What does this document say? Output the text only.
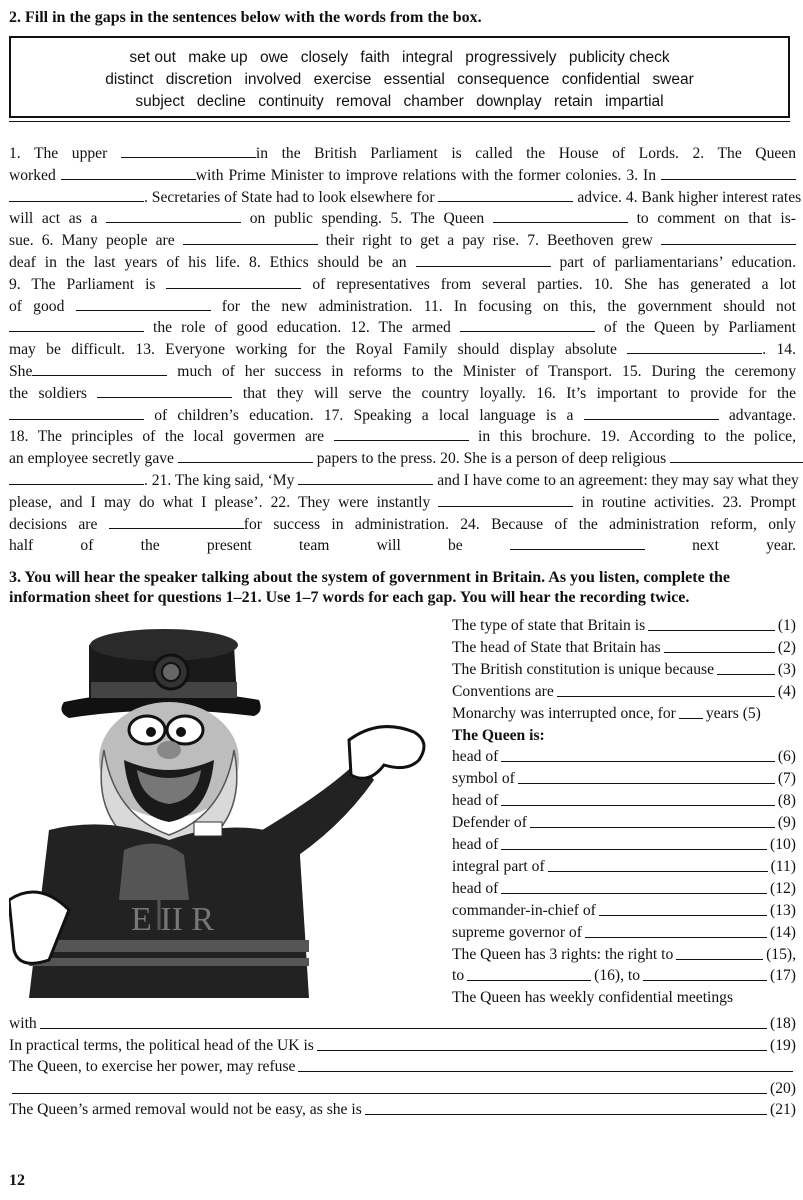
2. Fill in the gaps in the sentences below with the words from the box.
set out make up owe closely faith integral progressively publicity check
distinct discretion involved exercise essential consequence confidential swear
subject decline continuity removal chamber downplay retain impartial
1. The upper	in the British Parliament is called the House of Lords. 2. The Queen
worked	with Prime Minister to improve relations with the former colonies. 3. In
. Secretaries of State had to look elsewhere for	advice. 4. Bank higher interest rates
will act as a	on public spending. 5. The Queen	to comment on that is-
sue. 6. Many people are	their right to get a pay rise. 7. Beethoven grew
deaf in the last years of his life. 8. Ethics should be an	part of parliamentarians’ education.
9. The Parliament is	of representatives from several parties. 10. She has generated a lot
of good	for the new administration. 11. In focusing on this, the government should not
the role of good education. 12. The armed	of the Queen by Parliament
may be difficult. 13. Everyone working for the Royal Family should display absolute	. 14.
She	much of her success in reforms to the Minister of Transport. 15. During the ceremony
the soldiers	that they will serve the country loyally. 16. It’s important to provide for the
of children’s education. 17. Speaking a local language is a	advantage.
18. The principles of the local govermen are	in this brochure. 19. According to the police,
an employee secretly gave	papers to the press. 20. She is a person of deep religious
. 21. The king said, ‘My	and I have come to an agreement: they may say what they
please, and I may do what I please’. 22. They were instantly	in routine activities. 23. Prompt
decisions are	for success in administration. 24. Because of the administration reform, only
half of the present team will be	next year.
3. You will hear the speaker talking about the system of government in Britain. As you listen, complete the information sheet for questions 1–21. Use 1–7 words for each gap. You will hear the recording twice.
E II R
The type of state that Britain is	(1)
The head of State that Britain has	(2)
The British constitution is unique because	(3)
Conventions are	(4)
Monarchy was interrupted once, for years
(5)
The Queen is:
head of	(6)
symbol of	(7)
head of	(8)
Defender of	(9)
head of	(10)
integral part of	(11)
head of	(12)
commander-in-chief of	(13)
supreme governor of	(14)
The Queen has 3 rights: the right to	(15),
to	(16), to	(17)
The Queen has weekly confidential meetings
with	(18)
In practical terms, the political head of the UK is	(19)
The Queen, to exercise her power, may refuse
(20)
The Queen’s armed removal would not be easy, as she is	(21)
12
